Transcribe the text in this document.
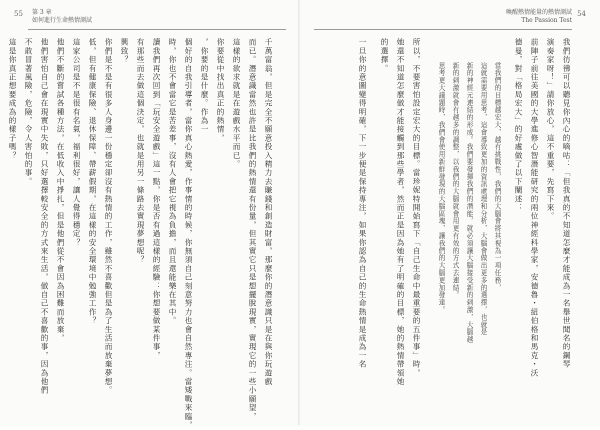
55 第 3 章
如何進行生命熱情測試
千萬富翁，但是完全不願意投入精力去賺錢和創造財富，那麼你的潛意識只是在與你玩遊戲
而已。潛意識當然也許是比我們的熱情還有份量，但其實它只是想擺脫現實，實現它的一些小願望，
這樣的欲求就是在遊戲水平而已。
你要從中找出真正的熱情，
，你要的是什麼。作為一
個好的自我引導者，當你真心熱愛，作事情的時候，你無須自己刻意努力也會自然專注。當矮戰來臨，
時，你也不會當它是苦差事，沒有人會把它視為負擔，而且還能樂在其中。
讀我們再次回到「玩安全遊戲」這一點，你是否有過這樣的經驗：你想要做某件事，
有那些而去做這個決定，也就是用另一條路去實現夢想呢？
興致？
你們是不是有很多人身邊一份穩定卻沒有熱情的工作，雖然不喜歡但是為了生活而放棄夢想。
低，但有健康保險、退休保障、帶薪假期，在這樣的安全環境中勉強工作？
這家公司是不是很有名氣，福利很好，讓人覺得穩定？
他們不斷的嘗試各種方法，在低收入中掙扎，但是他們從不會因為困難而放棄，
他們害怕自己會在現實中失敗，只好選擇較安全的方式來生活，做自己不喜歡的事，因為他們
不敢冒著風險，危險，令人害怕的事。
這是你真正想要成為的樣子嗎？
喚醒熱情能量的熱情測試
The Passion Test
54
我們彷彿可以聽見你內心的嘀咕：「但我真的不知道怎麼才能成為一名舉世聞名的鋼琴
演奏家呀！」請你放心，這不重要，先寫下來。
前陣子前往美國的大學進修心智潛能研究的兩位神經科學家，安德魯・紐伯格和馬克・沃
德曼，對「格局宏大」的好處做了以下闡述：
當我們的目標越宏大，越有挑戰性，我們的大腦會將其視為一項任務，
這就需要用思考，這會導致更加的資訊處理和分析，大腦會做出更多的選擇，也就是
新的神經元連結的形成。我們要發揮我們的潛能，就必須讓大腦接受新的刺激，大腦越
新的刺激就會有越多的調整，以我們的大腦就會用更有效的方式去連結。
思考更大議題時，我們會使用新鮮發現的大腦區塊，讓我們的大腦更加發達。
所以，不要害怕設定宏大的目標。當珍妮特開始寫下「自己生命中最重要的五件事」時，
她還不知道怎麼做才能接觸到那些學者，然而正是因為她有了明確的目標，她的熱情帶領她
的選擇。
一旦你的意圖變得明確，下一步便是保持專注，如果你認為自己的生命熱情是成為一名
